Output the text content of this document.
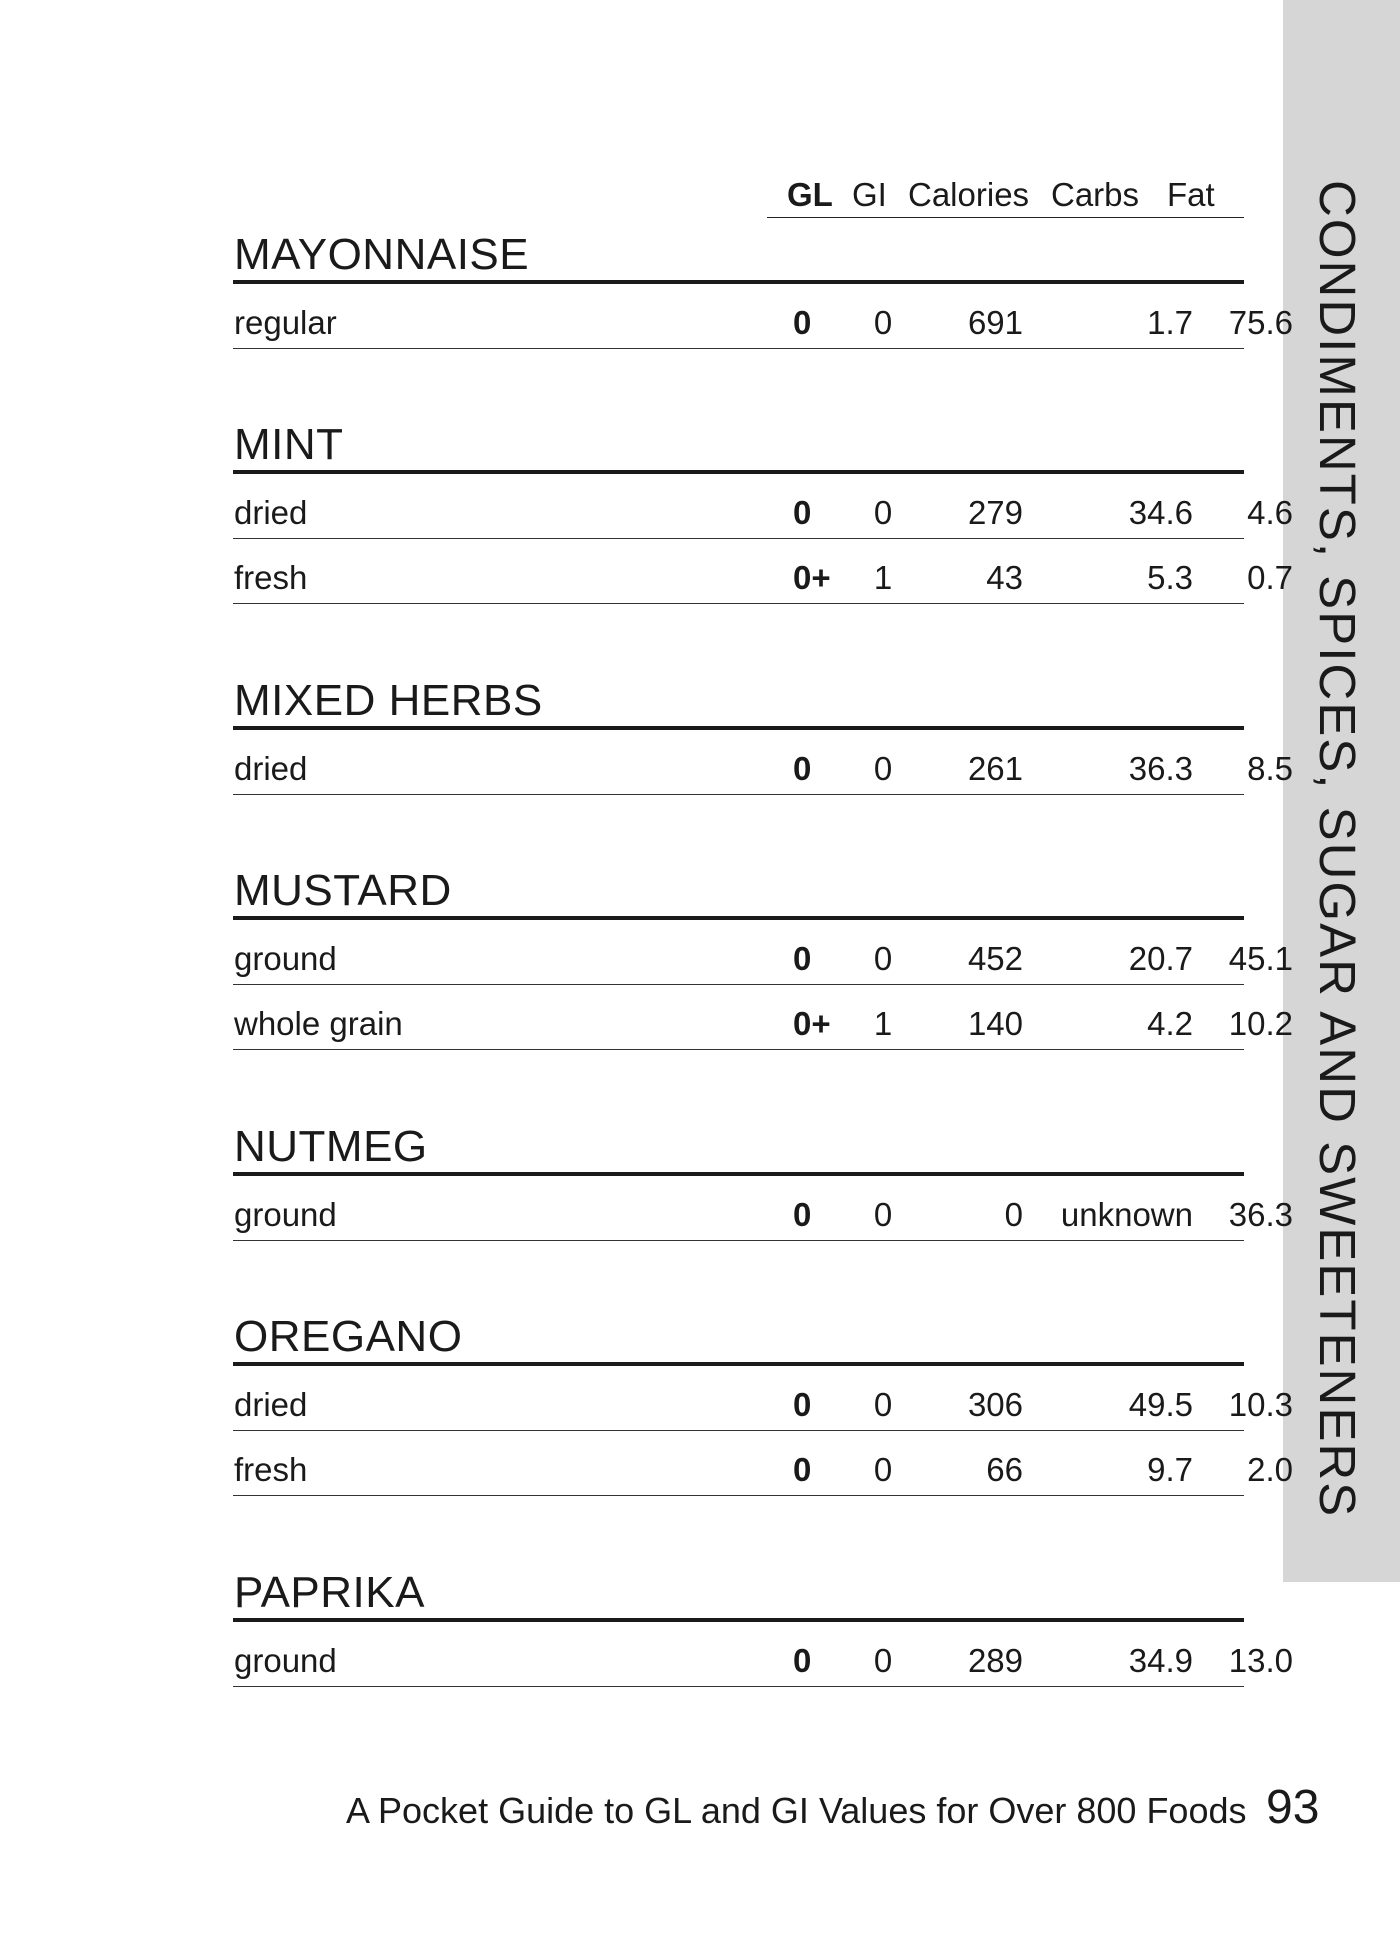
CONDIMENTS, SPICES, SUGAR AND SWEETENERS
GL GI Calories Carbs Fat
MAYONNAISE
regular	0	0	691	1.7	75.6
MINT
dried	0	0	279	34.6	4.6
fresh	0+	1	43	5.3	0.7
MIXED HERBS
dried	0	0	261	36.3	8.5
MUSTARD
ground	0	0	452	20.7	45.1
whole grain	0+	1	140	4.2	10.2
NUTMEG
ground	0	0	0	unknown	36.3
OREGANO
dried	0	0	306	49.5	10.3
fresh	0	0	66	9.7	2.0
PAPRIKA
ground	0	0	289	34.9	13.0
A Pocket Guide to GL and GI Values for Over 800 Foods 93
